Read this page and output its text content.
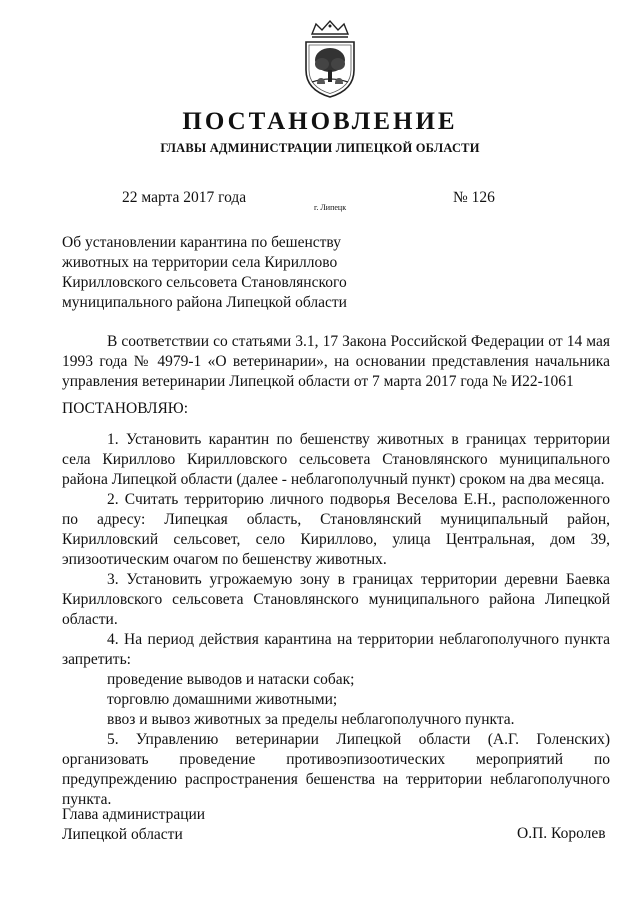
ПОСТАНОВЛЕНИЕ
ГЛАВЫ АДМИНИСТРАЦИИ ЛИПЕЦКОЙ ОБЛАСТИ
22 марта 2017 года
г. Липецк
№ 126
Об установлении карантина по бешенству
животных на территории села Кириллово
Кирилловского сельсовета Становлянского
муниципального района Липецкой области
В соответствии со статьями 3.1, 17 Закона Российской Федерации от 14 мая 1993 года № 4979-1 «О ветеринарии», на основании представления начальника управления ветеринарии Липецкой области от 7 марта 2017 года № И22-1061
ПОСТАНОВЛЯЮ:

1. Установить карантин по бешенству животных в границах территории села Кириллово Кирилловского сельсовета Становлянского муниципального района Липецкой области (далее - неблагополучный пункт) сроком на два месяца.

2. Считать территорию личного подворья Веселова Е.Н., расположенного по адресу: Липецкая область, Становлянский муниципальный район, Кирилловский сельсовет, село Кириллово, улица Центральная, дом 39, эпизоотическим очагом по бешенству животных.

3. Установить угрожаемую зону в границах территории деревни Баевка Кирилловского сельсовета Становлянского муниципального района Липецкой области.

4. На период действия карантина на территории неблагополучного пункта запретить:

проведение выводов и натаски собак;

торговлю домашними животными;

ввоз и вывоз животных за пределы неблагополучного пункта.

5. Управлению ветеринарии Липецкой области (А.Г. Голенских) организовать проведение противоэпизоотических мероприятий по предупреждению распространения бешенства на территории неблагополучного пункта.

Глава администрации
Липецкой области	О.П. Королев
